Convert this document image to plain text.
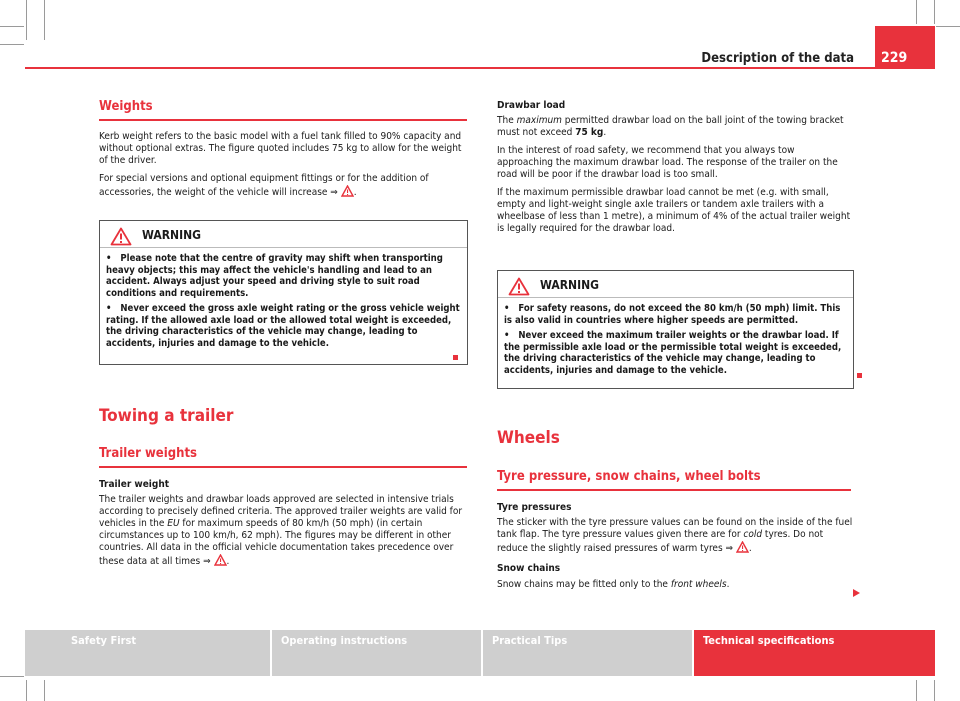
Description of the data 229
Weights

Kerb weight refers to the basic model with a fuel tank filled to 90% capacity and without optional extras. The figure quoted includes 75 kg to allow for the weight of the driver.

For special versions and optional equipment fittings or for the addition of accessories, the weight of the vehicle will increase ⇒ .

WARNING

•   Please note that the centre of gravity may shift when transporting heavy objects; this may affect the vehicle's handling and lead to an accident. Always adjust your speed and driving style to suit road conditions and requirements.

•   Never exceed the gross axle weight rating or the gross vehicle weight rating. If the allowed axle load or the allowed total weight is exceeded, the driving characteristics of the vehicle may change, leading to accidents, injuries and damage to the vehicle.

Towing a trailer
Trailer weights
Trailer weight

The trailer weights and drawbar loads approved are selected in intensive trials according to precisely defined criteria. The approved trailer weights are valid for vehicles in the EU for maximum speeds of 80 km/h (50 mph) (in certain circumstances up to 100 km/h, 62 mph). The figures may be different in other countries. All data in the official vehicle documentation takes precedence over these data at all times ⇒ .

Drawbar load

The maximum permitted drawbar load on the ball joint of the towing bracket must not exceed 75 kg.

In the interest of road safety, we recommend that you always tow approaching the maximum drawbar load. The response of the trailer on the road will be poor if the drawbar load is too small.

If the maximum permissible drawbar load cannot be met (e.g. with small, empty and light-weight single axle trailers or tandem axle trailers with a wheelbase of less than 1 metre), a minimum of 4% of the actual trailer weight is legally required for the drawbar load.

WARNING

•   For safety reasons, do not exceed the 80 km/h (50 mph) limit. This is also valid in countries where higher speeds are permitted.

•   Never exceed the maximum trailer weights or the drawbar load. If the permissible axle load or the permissible total weight is exceeded, the driving characteristics of the vehicle may change, leading to accidents, injuries and damage to the vehicle.

Wheels
Tyre pressure, snow chains, wheel bolts
Tyre pressures

The sticker with the tyre pressure values can be found on the inside of the fuel tank flap. The tyre pressure values given there are for cold tyres. Do not reduce the slightly raised pressures of warm tyres ⇒ .

Snow chains

Snow chains may be fitted only to the front wheels.

Safety First	Operating instructions	Practical Tips	Technical specifications
